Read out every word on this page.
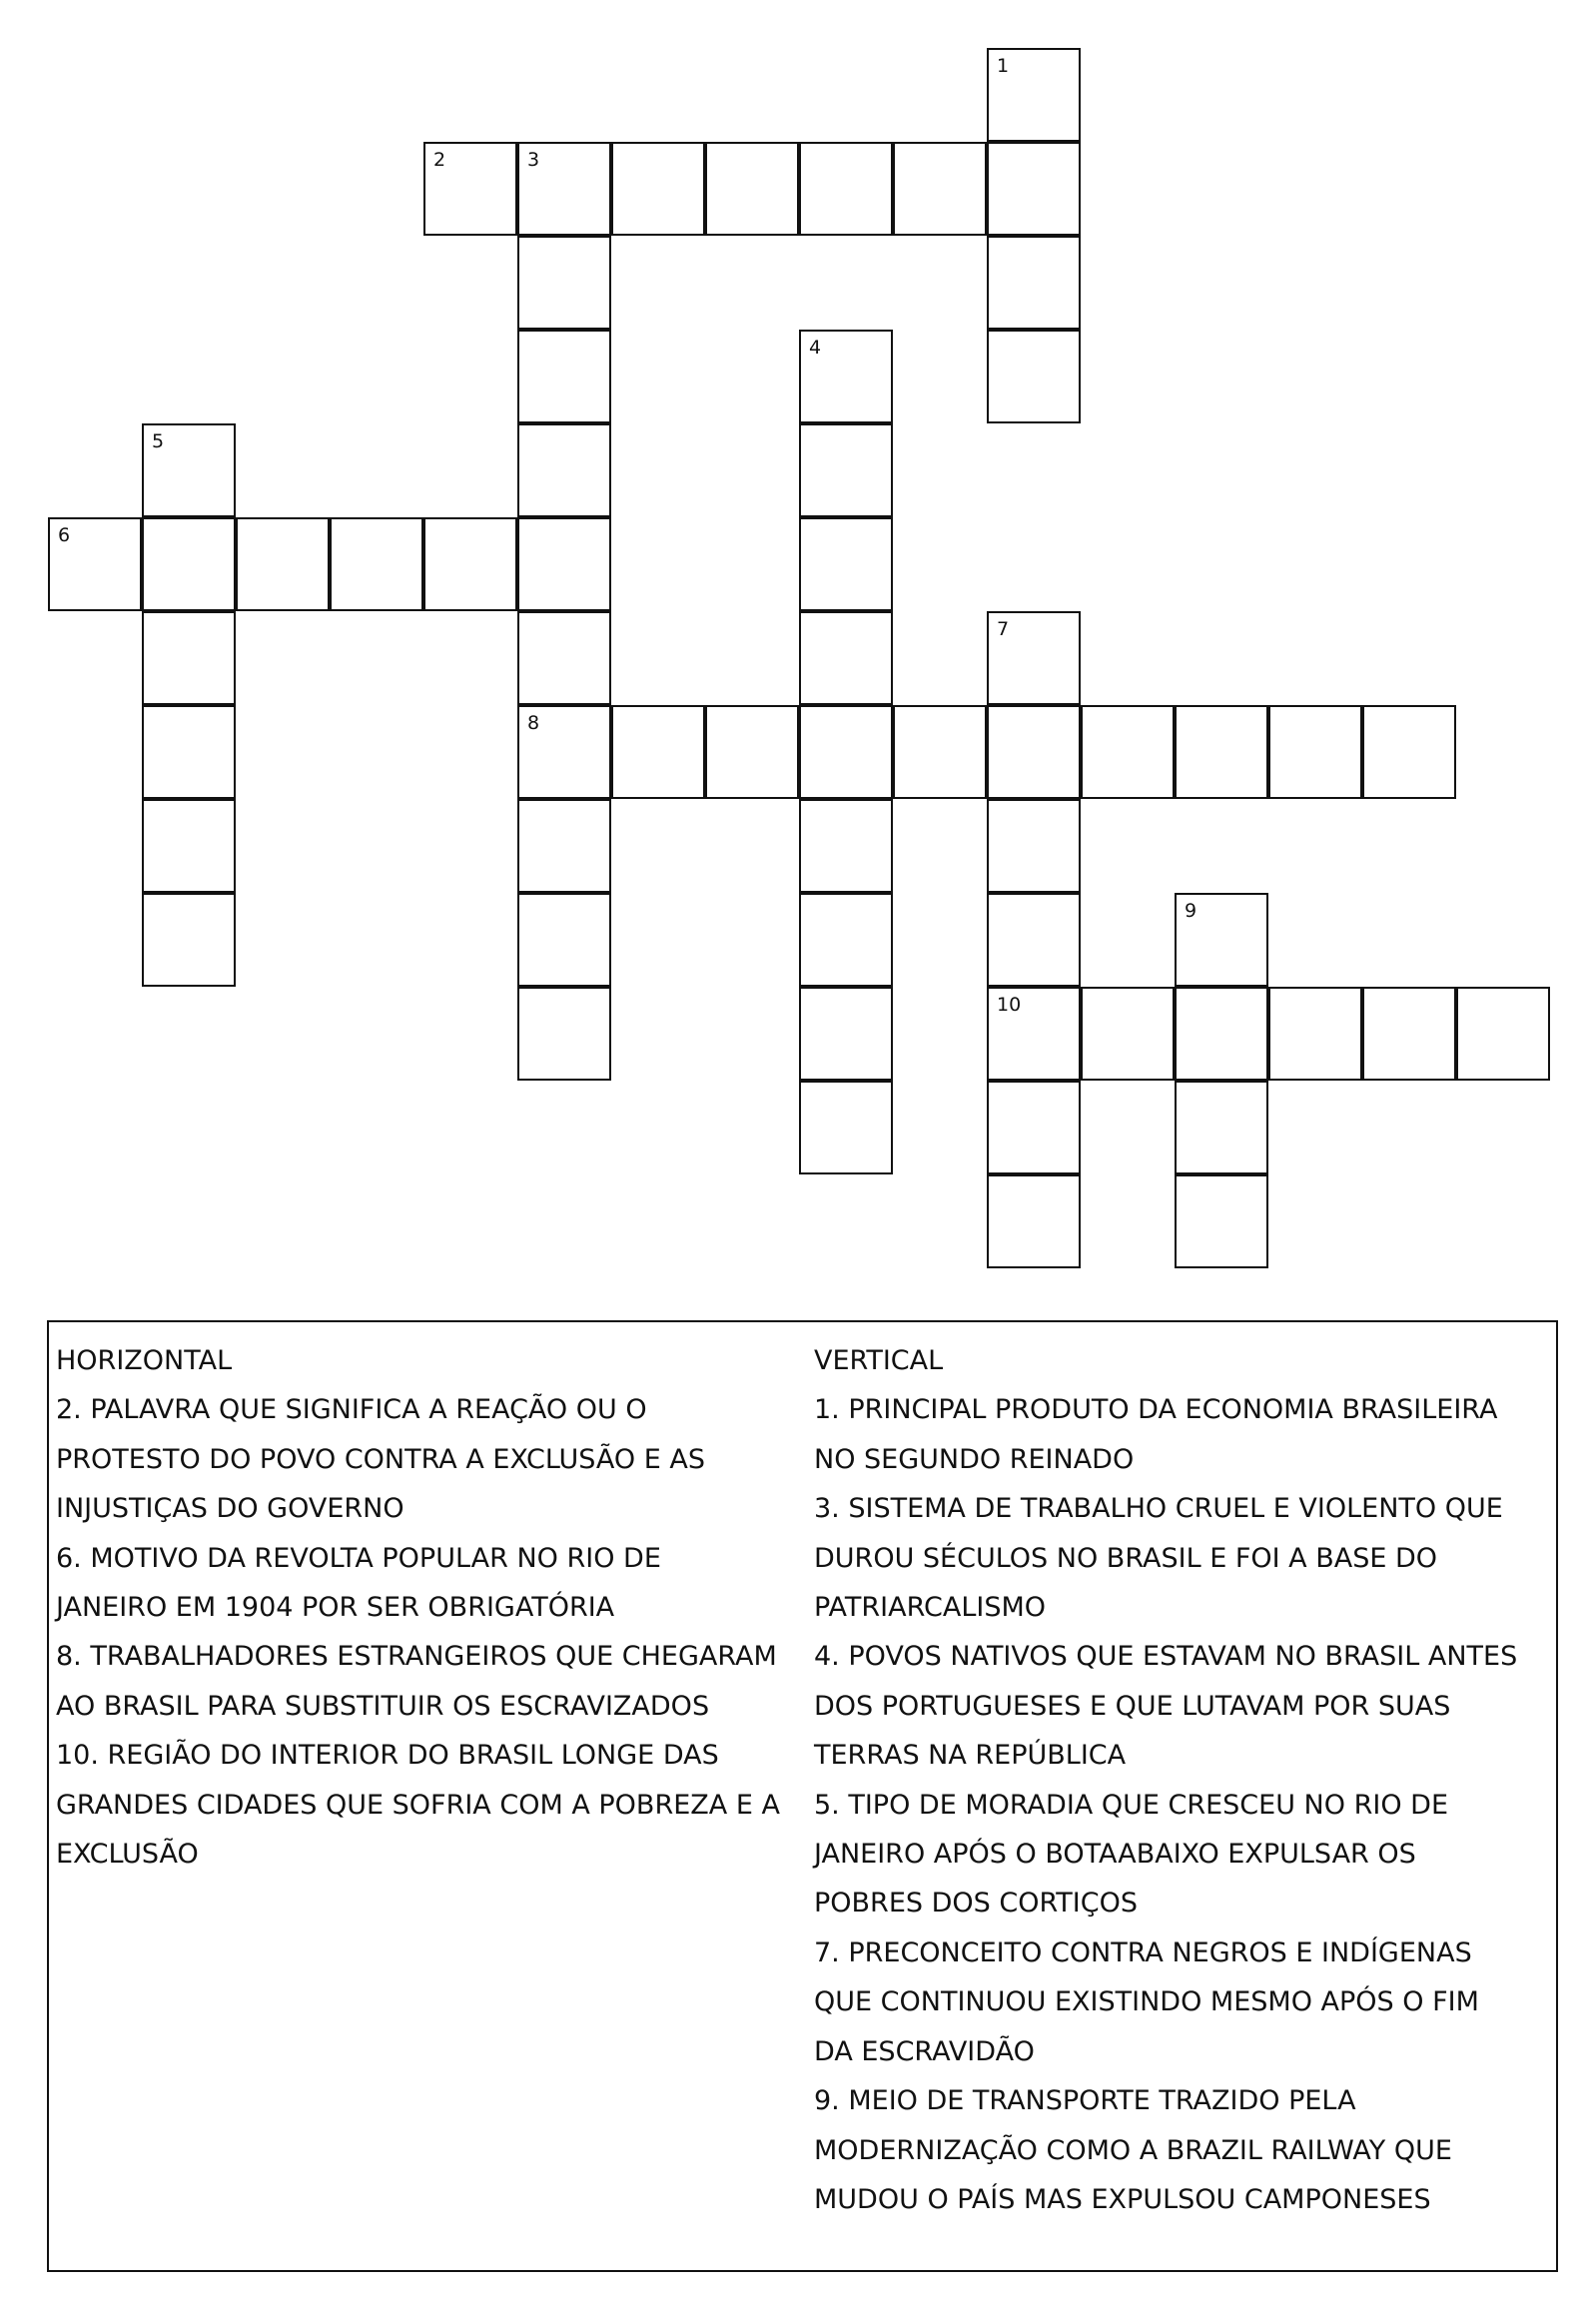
1
2	3
8
4
5
6
7
10
9
HORIZONTAL
2. PALAVRA QUE SIGNIFICA A REAÇÃO OU O
PROTESTO DO POVO CONTRA A EXCLUSÃO E AS
INJUSTIÇAS DO GOVERNO
6. MOTIVO DA REVOLTA POPULAR NO RIO DE
JANEIRO EM 1904 POR SER OBRIGATÓRIA
8. TRABALHADORES ESTRANGEIROS QUE CHEGARAM
AO BRASIL PARA SUBSTITUIR OS ESCRAVIZADOS
10. REGIÃO DO INTERIOR DO BRASIL LONGE DAS
GRANDES CIDADES QUE SOFRIA COM A POBREZA E A
EXCLUSÃO
VERTICAL
1. PRINCIPAL PRODUTO DA ECONOMIA BRASILEIRA
NO SEGUNDO REINADO
3. SISTEMA DE TRABALHO CRUEL E VIOLENTO QUE
DUROU SÉCULOS NO BRASIL E FOI A BASE DO
PATRIARCALISMO
4. POVOS NATIVOS QUE ESTAVAM NO BRASIL ANTES
DOS PORTUGUESES E QUE LUTAVAM POR SUAS
TERRAS NA REPÚBLICA
5. TIPO DE MORADIA QUE CRESCEU NO RIO DE
JANEIRO APÓS O BOTAABAIXO EXPULSAR OS
POBRES DOS CORTIÇOS
7. PRECONCEITO CONTRA NEGROS E INDÍGENAS
QUE CONTINUOU EXISTINDO MESMO APÓS O FIM
DA ESCRAVIDÃO
9. MEIO DE TRANSPORTE TRAZIDO PELA
MODERNIZAÇÃO COMO A BRAZIL RAILWAY QUE
MUDOU O PAÍS MAS EXPULSOU CAMPONESES
